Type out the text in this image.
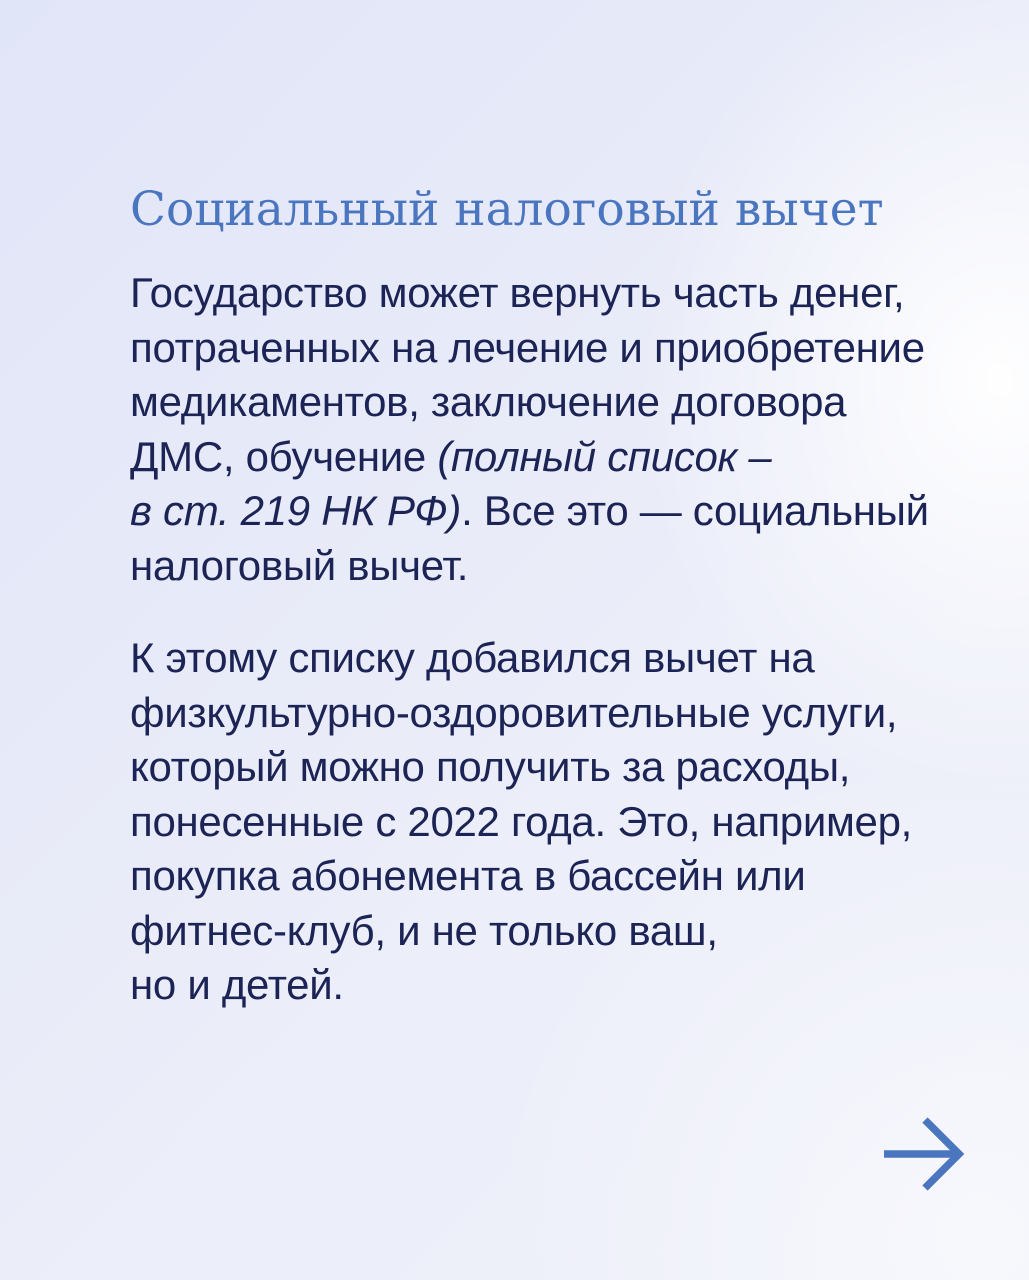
Социальный налоговый вычет

Государство может вернуть часть денег,
потраченных на лечение и приобретение
медикаментов, заключение договора
ДМС, обучение (полный список –
в ст. 219 НК РФ). Все это — социальный
налоговый вычет.

К этому списку добавился вычет на
физкультурно-оздоровительные услуги,
который можно получить за расходы,
понесенные с 2022 года. Это, например,
покупка абонемента в бассейн или
фитнес-клуб, и не только ваш,
но и детей.
